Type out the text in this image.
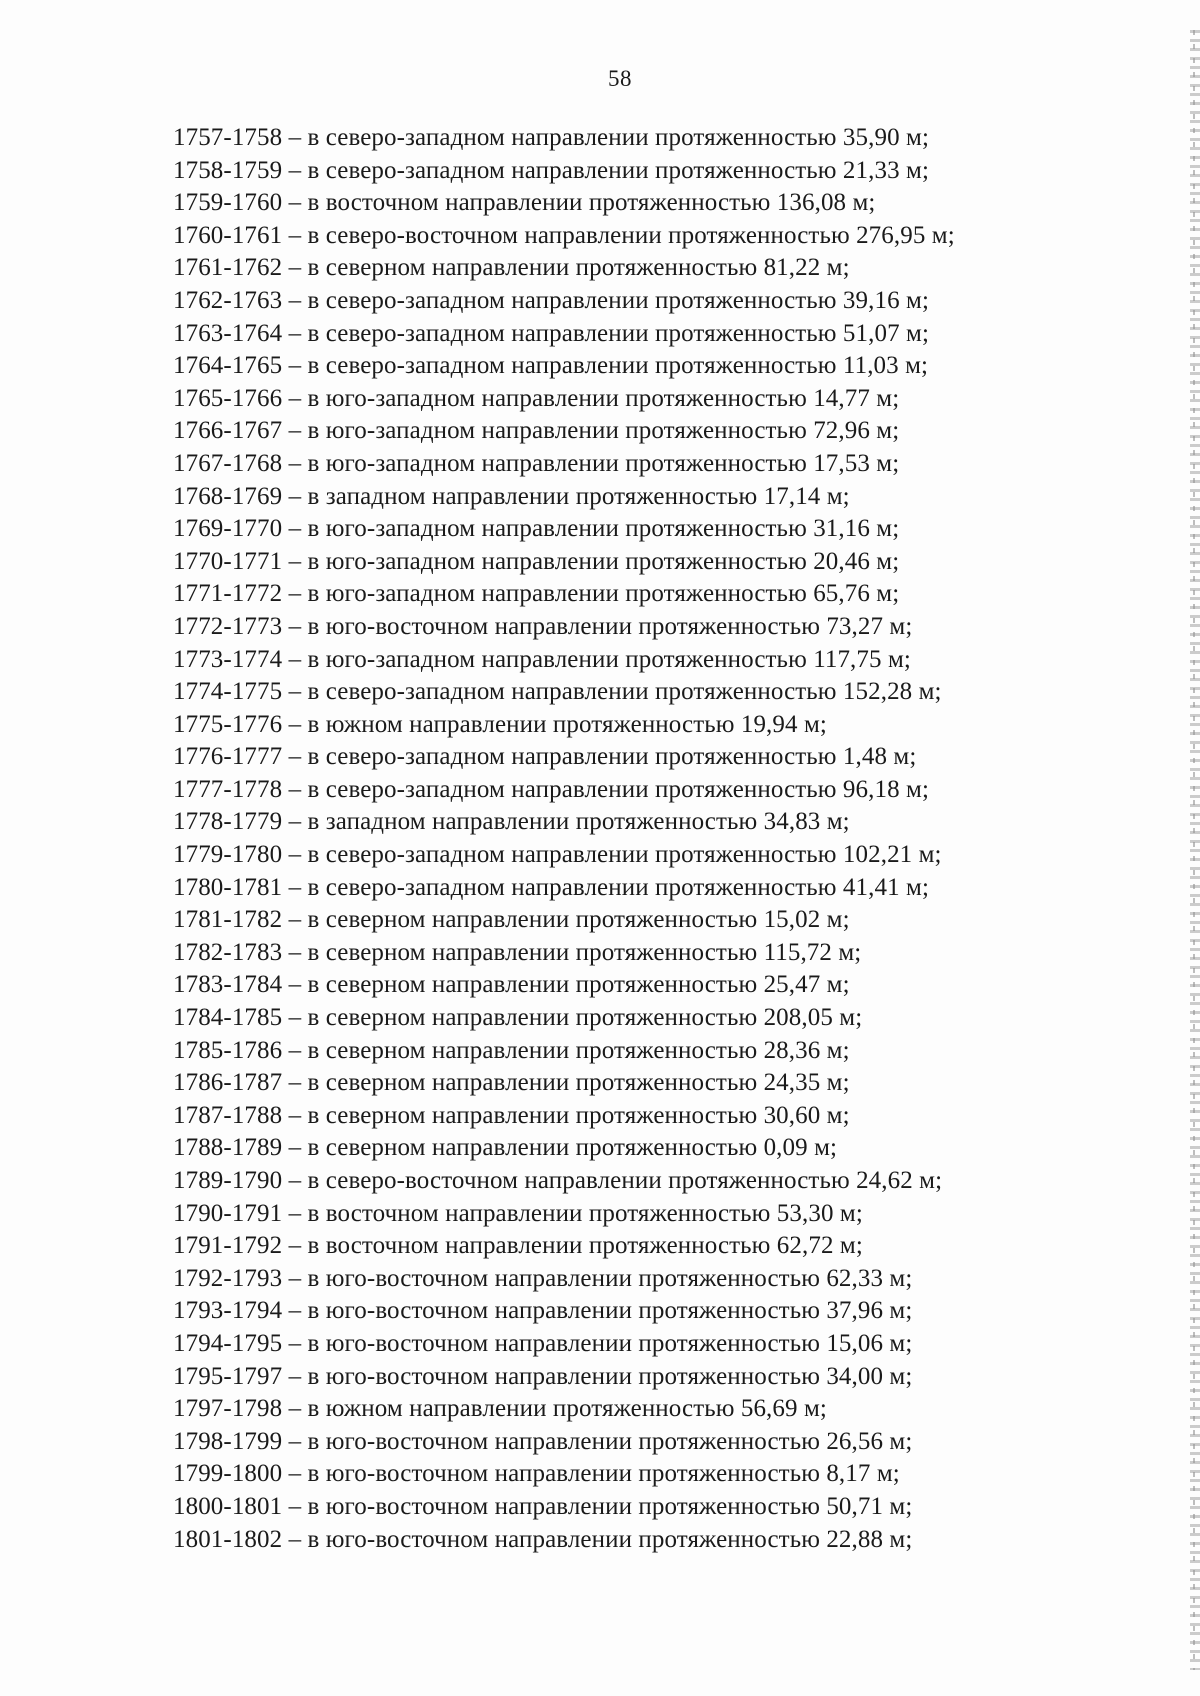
58
1757-1758 – в северо-западном направлении протяженностью 35,90 м;
1758-1759 – в северо-западном направлении протяженностью 21,33 м;
1759-1760 – в восточном направлении протяженностью 136,08 м;
1760-1761 – в северо-восточном направлении протяженностью 276,95 м;
1761-1762 – в северном направлении протяженностью 81,22 м;
1762-1763 – в северо-западном направлении протяженностью 39,16 м;
1763-1764 – в северо-западном направлении протяженностью 51,07 м;
1764-1765 – в северо-западном направлении протяженностью 11,03 м;
1765-1766 – в юго-западном направлении протяженностью 14,77 м;
1766-1767 – в юго-западном направлении протяженностью 72,96 м;
1767-1768 – в юго-западном направлении протяженностью 17,53 м;
1768-1769 – в западном направлении протяженностью 17,14 м;
1769-1770 – в юго-западном направлении протяженностью 31,16 м;
1770-1771 – в юго-западном направлении протяженностью 20,46 м;
1771-1772 – в юго-западном направлении протяженностью 65,76 м;
1772-1773 – в юго-восточном направлении протяженностью 73,27 м;
1773-1774 – в юго-западном направлении протяженностью 117,75 м;
1774-1775 – в северо-западном направлении протяженностью 152,28 м;
1775-1776 – в южном направлении протяженностью 19,94 м;
1776-1777 – в северо-западном направлении протяженностью 1,48 м;
1777-1778 – в северо-западном направлении протяженностью 96,18 м;
1778-1779 – в западном направлении протяженностью 34,83 м;
1779-1780 – в северо-западном направлении протяженностью 102,21 м;
1780-1781 – в северо-западном направлении протяженностью 41,41 м;
1781-1782 – в северном направлении протяженностью 15,02 м;
1782-1783 – в северном направлении протяженностью 115,72 м;
1783-1784 – в северном направлении протяженностью 25,47 м;
1784-1785 – в северном направлении протяженностью 208,05 м;
1785-1786 – в северном направлении протяженностью 28,36 м;
1786-1787 – в северном направлении протяженностью 24,35 м;
1787-1788 – в северном направлении протяженностью 30,60 м;
1788-1789 – в северном направлении протяженностью 0,09 м;
1789-1790 – в северо-восточном направлении протяженностью 24,62 м;
1790-1791 – в восточном направлении протяженностью 53,30 м;
1791-1792 – в восточном направлении протяженностью 62,72 м;
1792-1793 – в юго-восточном направлении протяженностью 62,33 м;
1793-1794 – в юго-восточном направлении протяженностью 37,96 м;
1794-1795 – в юго-восточном направлении протяженностью 15,06 м;
1795-1797 – в юго-восточном направлении протяженностью 34,00 м;
1797-1798 – в южном направлении протяженностью 56,69 м;
1798-1799 – в юго-восточном направлении протяженностью 26,56 м;
1799-1800 – в юго-восточном направлении протяженностью 8,17 м;
1800-1801 – в юго-восточном направлении протяженностью 50,71 м;
1801-1802 – в юго-восточном направлении протяженностью 22,88 м;
